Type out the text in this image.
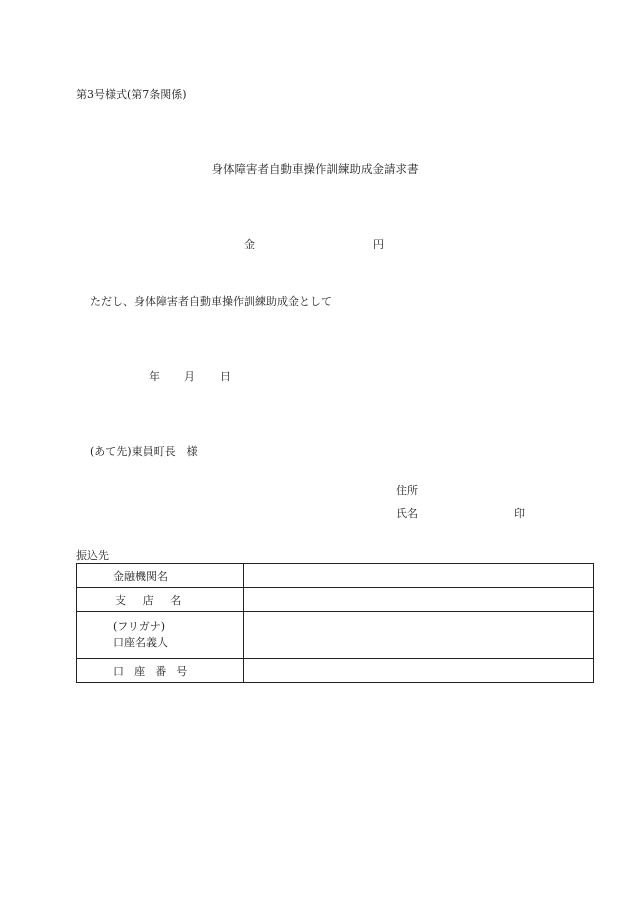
第3号様式(第7条関係)
身体障害者自動車操作訓練助成金請求書
金	円
ただし、身体障害者自動車操作訓練助成金として
年 月 日
(あて先)東員町長　様
住所
氏名	印
振込先
金融機関名	
支 店 名	

(フリガナ)
口座名義人	

口 座 番 号	
